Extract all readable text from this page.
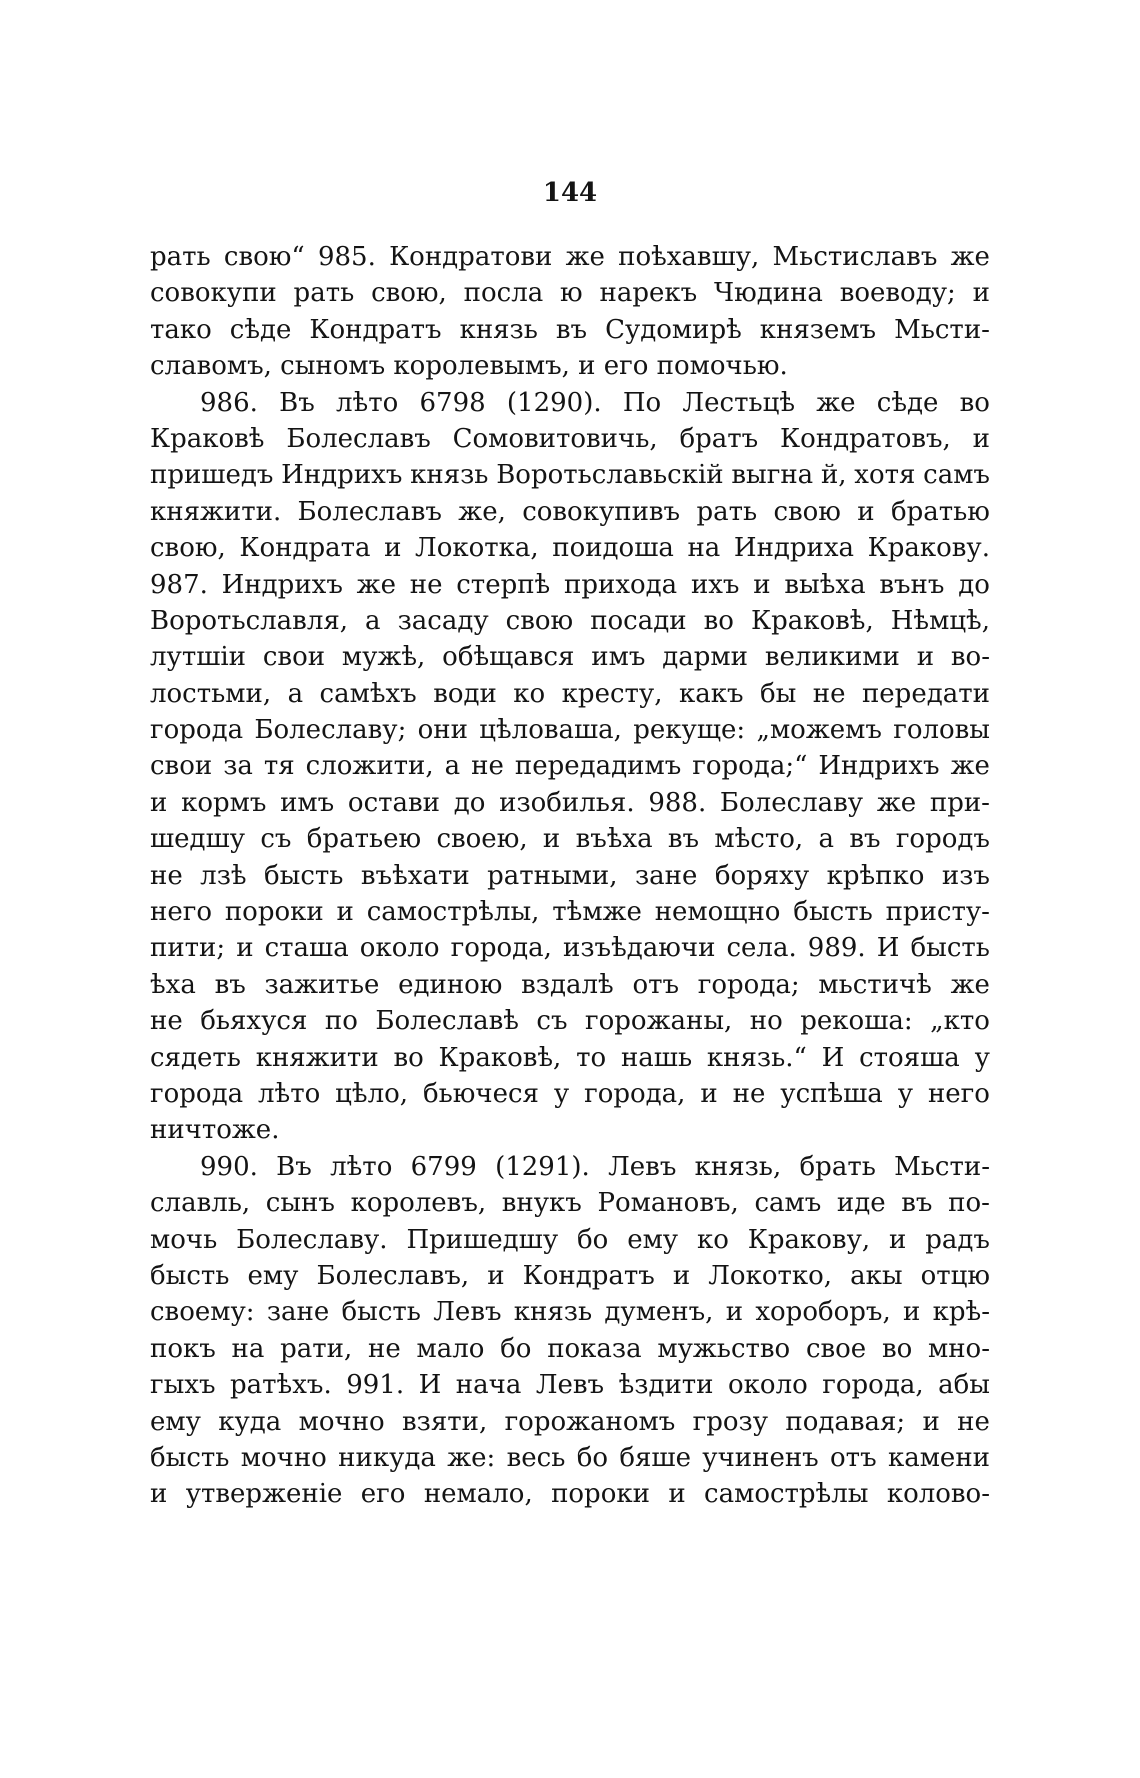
144
рать свою“ 985. Кондратови же поѣхавшу, Мьстиславъ же
совокупи рать свою, посла ю нарекъ Чюдина воеводу; и
тако сѣде Кондратъ князь въ Судомирѣ княземъ Мьсти-
славомъ, сыномъ королевымъ, и его помочью.
986. Въ лѣто 6798 (1290). По Лестьцѣ же сѣде во
Краковѣ Болеславъ Сомовитовичь, братъ Кондратовъ, и
пришедъ Индрихъ князь Воротьславьскій выгна й, хотя самъ
княжити. Болеславъ же, совокупивъ рать свою и братью
свою, Кондрата и Локотка, поидоша на Индриха Кракову.
987. Индрихъ же не стерпѣ прихода ихъ и выѣха вънъ до
Воротьславля, а засаду свою посади во Краковѣ, Нѣмцѣ,
лутшіи свои мужѣ, обѣщався имъ дарми великими и во-
лостьми, а самѣхъ води ко кресту, какъ бы не передати
города Болеславу; они цѣловаша, рекуще: „можемъ головы
свои за тя сложити, а не передадимъ города;“ Индрихъ же
и кормъ имъ остави до изобилья. 988. Болеславу же при-
шедшу съ братьею своею, и въѣха въ мѣсто, а въ городъ
не лзѣ бысть въѣхати ратными, зане боряху крѣпко изъ
него пороки и самострѣлы, тѣмже немощно бысть присту-
пити; и сташа около города, изъѣдаючи села. 989. И бысть
ѣха въ зажитье единою вздалѣ отъ города; мьстичѣ же
не бьяхуся по Болеславѣ съ горожаны, но рекоша: „кто
сядеть княжити во Краковѣ, то нашь князь.“ И стояша у
города лѣто цѣло, бьючеся у города, и не успѣша у него
ничтоже.
990. Въ лѣто 6799 (1291). Левъ князь, брать Мьсти-
славль, сынъ королевъ, внукъ Романовъ, самъ иде въ по-
мочь Болеславу. Пришедшу бо ему ко Кракову, и радъ
бысть ему Болеславъ, и Кондратъ и Локотко, акы отцю
своему: зане бысть Левъ князь думенъ, и хороборъ, и крѣ-
покъ на рати, не мало бо показа мужьство свое во мно-
гыхъ ратѣхъ. 991. И нача Левъ ѣздити около города, абы
ему куда мочно взяти, горожаномъ грозу подавая; и не
бысть мочно никуда же: весь бо бяше учиненъ отъ камени
и утверженіе его немало, пороки и самострѣлы колово-
